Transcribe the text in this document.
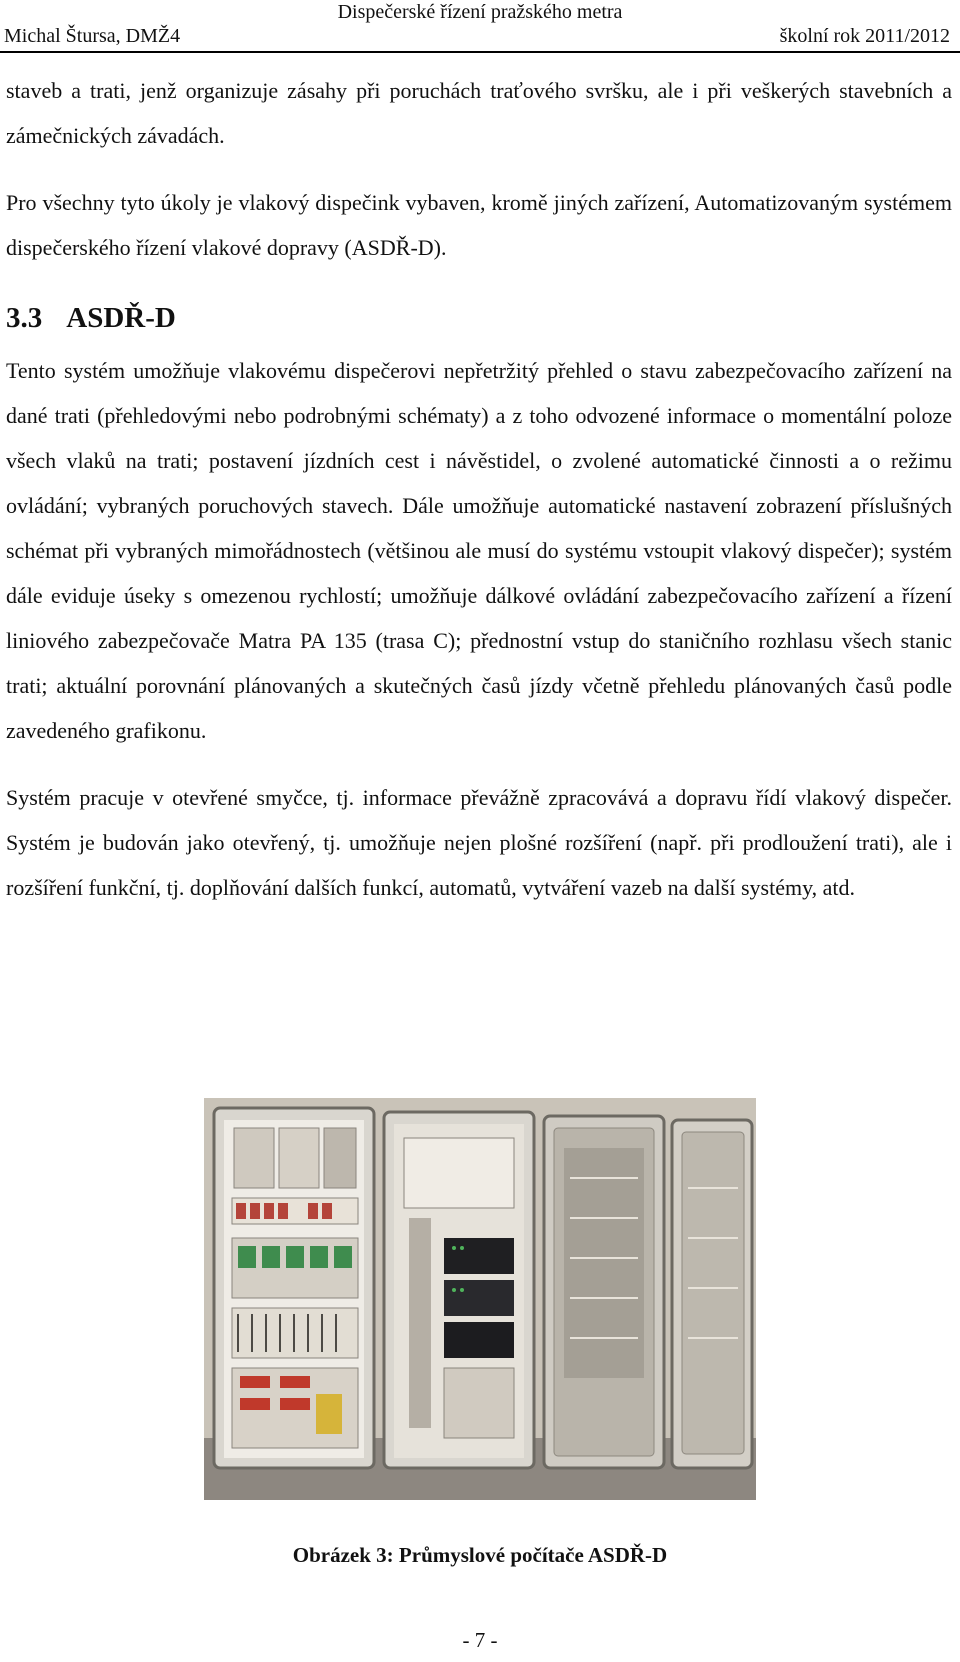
Dispečerské řízení pražského metra
Michal Štursa, DMŽ4	školní rok 2011/2012

staveb a trati, jenž organizuje zásahy při poruchách traťového svršku, ale i při veškerých stavebních a zámečnických závadách.

Pro všechny tyto úkoly je vlakový dispečink vybaven, kromě jiných zařízení, Automatizovaným systémem dispečerského řízení vlakové dopravy (ASDŘ-D).

3.3 ASDŘ-D

Tento systém umožňuje vlakovému dispečerovi nepřetržitý přehled o stavu zabezpečovacího zařízení na dané trati (přehledovými nebo podrobnými schématy) a z toho odvozené informace o momentální poloze všech vlaků na trati; postavení jízdních cest i návěstidel, o zvolené automatické činnosti a o režimu ovládání; vybraných poruchových stavech. Dále umožňuje automatické nastavení zobrazení příslušných schémat při vybraných mimořádnostech (většinou ale musí do systému vstoupit vlakový dispečer); systém dále eviduje úseky s omezenou rychlostí; umožňuje dálkové ovládání zabezpečovacího zařízení a řízení liniového zabezpečovače Matra PA 135 (trasa C); přednostní vstup do staničního rozhlasu všech stanic trati; aktuální porovnání plánovaných a skutečných časů jízdy včetně přehledu plánovaných časů podle zavedeného grafikonu.

Systém pracuje v otevřené smyčce, tj. informace převážně zpracovává a dopravu řídí vlakový dispečer. Systém je budován jako otevřený, tj. umožňuje nejen plošné rozšíření (např. při prodloužení trati), ale i rozšíření funkční, tj. doplňování dalších funkcí, automatů, vytváření vazeb na další systémy, atd.

Obrázek 3: Průmyslové počítače ASDŘ-D
- 7 -
